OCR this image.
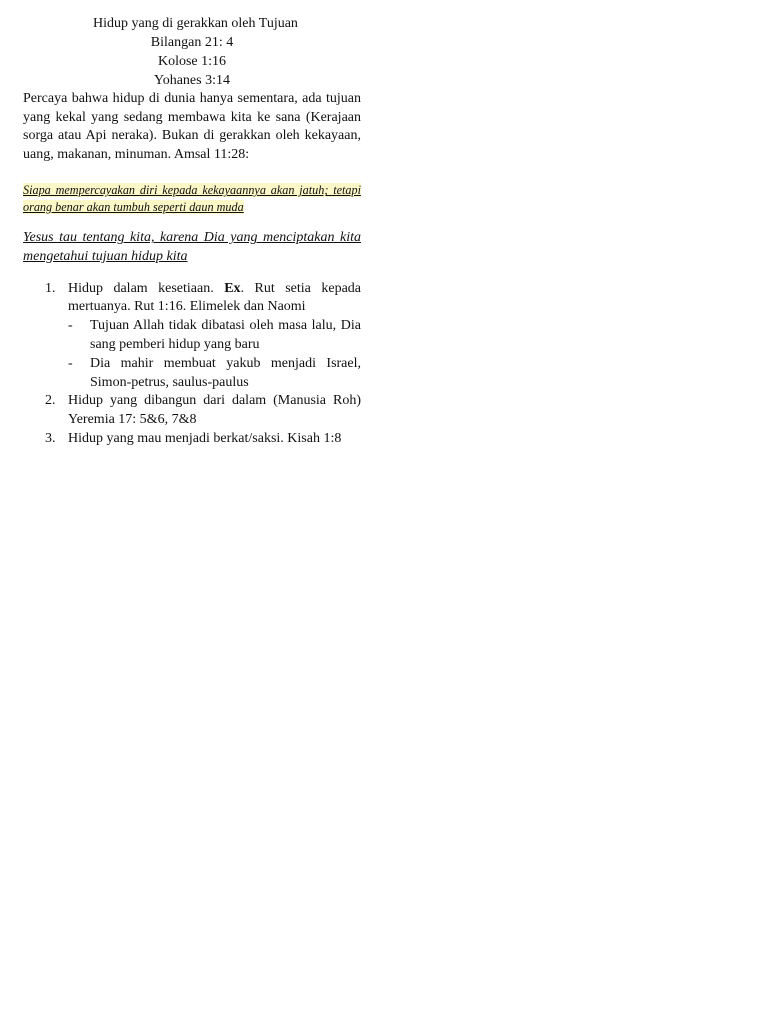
Hidup yang di gerakkan oleh Tujuan

Bilangan 21: 4

Kolose 1:16

Yohanes 3:14

Percaya bahwa hidup di dunia hanya sementara, ada tujuan yang kekal yang sedang membawa kita ke sana (Kerajaan sorga atau Api neraka). Bukan di gerakkan oleh kekayaan, uang, makanan, minuman. Amsal 11:28:

Siapa mempercayakan diri kepada kekayaannya akan jatuh; tetapi orang benar akan tumbuh seperti daun muda

Yesus tau tentang kita, karena Dia yang menciptakan kita mengetahui tujuan hidup kita

1. Hidup dalam kesetiaan. Ex. Rut setia kepada mertuanya. Rut 1:16. Elimelek dan Naomi
- Tujuan Allah tidak dibatasi oleh masa lalu, Dia sang pemberi hidup yang baru
- Dia mahir membuat yakub menjadi Israel, Simon-petrus, saulus-paulus
2. Hidup yang dibangun dari dalam (Manusia Roh) Yeremia 17: 5&6, 7&8
3. Hidup yang mau menjadi berkat/saksi. Kisah 1:8
